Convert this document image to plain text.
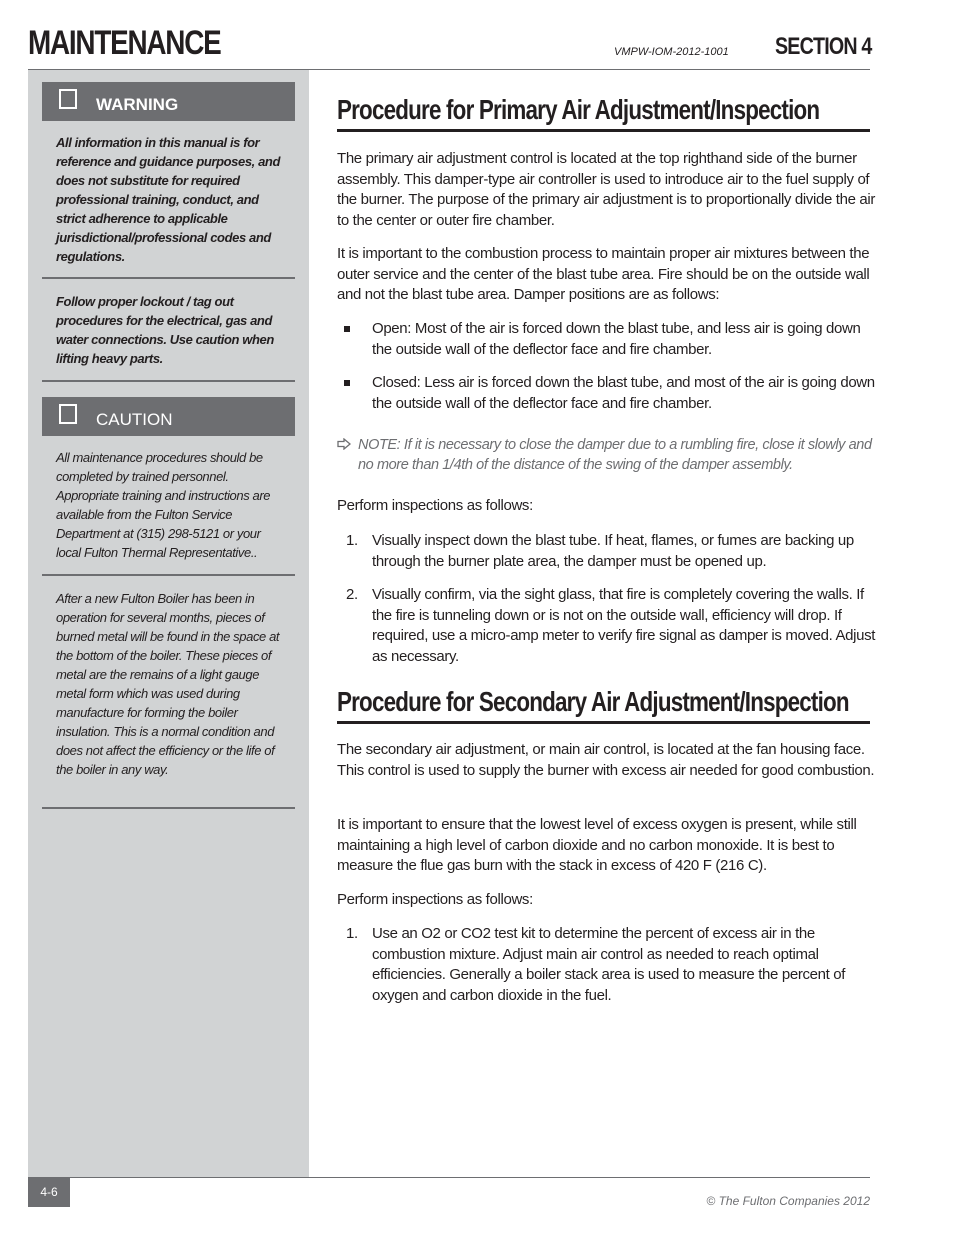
MAINTENANCE	VMPW-IOM-2012-1001 SECTION 4
WARNING

All information in this manual is for reference and guidance purposes, and does not substitute for required professional training, conduct, and strict adherence to applicable jurisdictional/professional codes and regulations.

Follow proper lockout / tag out procedures for the electrical, gas and water connections. Use caution when lifting heavy parts.

CAUTION

All maintenance procedures should be completed by trained personnel. Appropriate training and instructions are available from the Fulton Service Department at (315) 298-5121 or your local Fulton Thermal Representative..

After a new Fulton Boiler has been in operation for several months, pieces of burned metal will be found in the space at the bottom of the boiler. These pieces of metal are the remains of a light gauge metal form which was used during manufacture for forming the boiler insulation. This is a normal condition and does not affect the efficiency or the life of the boiler in any way.

Procedure for Primary Air Adjustment/Inspection

The primary air adjustment control is located at the top righthand side of the burner assembly. This damper-type air controller is used to introduce air to the fuel supply of the burner. The purpose of the primary air adjustment is to proportionally divide the air to the center or outer fire chamber.

It is important to the combustion process to maintain proper air mixtures between the outer service and the center of the blast tube area. Fire should be on the outside wall and not the blast tube area. Damper positions are as follows:

Open: Most of the air is forced down the blast tube, and less air is going down the outside wall of the deflector face and fire chamber.
Closed: Less air is forced down the blast tube, and most of the air is going down the outside wall of the deflector face and fire chamber.
NOTE: If it is necessary to close the damper due to a rumbling fire, close it slowly and no more than 1/4th of the distance of the swing of the damper assembly.

Perform inspections as follows:

1. Visually inspect down the blast tube. If heat, flames, or fumes are backing up through the burner plate area, the damper must be opened up.
2. Visually confirm, via the sight glass, that fire is completely covering the walls. If the fire is tunneling down or is not on the outside wall, efficiency will drop. If required, use a micro-amp meter to verify fire signal as damper is moved. Adjust as necessary.
Procedure for Secondary Air Adjustment/Inspection

The secondary air adjustment, or main air control, is located at the fan housing face. This control is used to supply the burner with excess air needed for good combustion.

It is important to ensure that the lowest level of excess oxygen is present, while still maintaining a high level of carbon dioxide and no carbon monoxide. It is best to measure the flue gas burn with the stack in excess of 420 F (216 C).

Perform inspections as follows:

1. Use an O2 or CO2 test kit to determine the percent of excess air in the combustion mixture. Adjust main air control as needed to reach optimal efficiencies. Generally a boiler stack area is used to measure the percent of oxygen and carbon dioxide in the fuel.
4-6
© The Fulton Companies 2012
